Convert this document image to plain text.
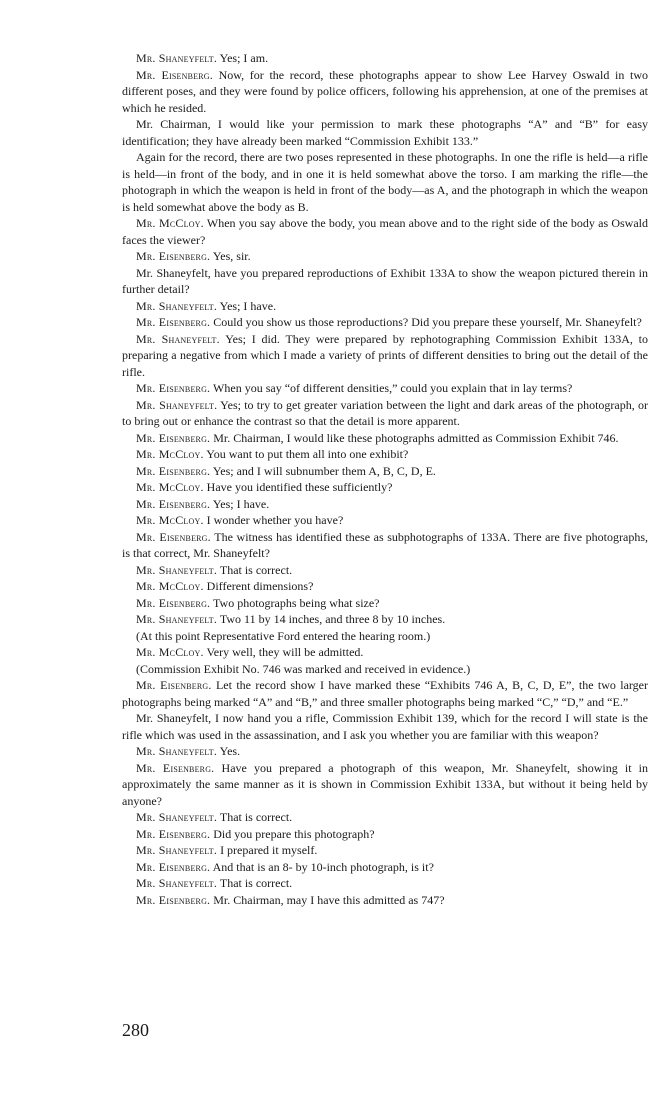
Mr. Shaneyfelt. Yes; I am.

Mr. Eisenberg. Now, for the record, these photographs appear to show Lee Harvey Oswald in two different poses, and they were found by police officers, following his apprehension, at one of the premises at which he resided.

Mr. Chairman, I would like your permission to mark these photographs “A” and “B” for easy identification; they have already been marked “Commission Exhibit 133.”

Again for the record, there are two poses represented in these photographs. In one the rifle is held—a rifle is held—in front of the body, and in one it is held somewhat above the torso. I am marking the rifle—the photograph in which the weapon is held in front of the body—as A, and the photograph in which the weapon is held somewhat above the body as B.

Mr. McCloy. When you say above the body, you mean above and to the right side of the body as Oswald faces the viewer?

Mr. Eisenberg. Yes, sir.

Mr. Shaneyfelt, have you prepared reproductions of Exhibit 133A to show the weapon pictured therein in further detail?

Mr. Shaneyfelt. Yes; I have.

Mr. Eisenberg. Could you show us those reproductions? Did you prepare these yourself, Mr. Shaneyfelt?

Mr. Shaneyfelt. Yes; I did. They were prepared by rephotographing Commission Exhibit 133A, to preparing a negative from which I made a variety of prints of different densities to bring out the detail of the rifle.

Mr. Eisenberg. When you say “of different densities,” could you explain that in lay terms?

Mr. Shaneyfelt. Yes; to try to get greater variation between the light and dark areas of the photograph, or to bring out or enhance the contrast so that the detail is more apparent.

Mr. Eisenberg. Mr. Chairman, I would like these photographs admitted as Commission Exhibit 746.

Mr. McCloy. You want to put them all into one exhibit?

Mr. Eisenberg. Yes; and I will subnumber them A, B, C, D, E.

Mr. McCloy. Have you identified these sufficiently?

Mr. Eisenberg. Yes; I have.

Mr. McCloy. I wonder whether you have?

Mr. Eisenberg. The witness has identified these as subphotographs of 133A. There are five photographs, is that correct, Mr. Shaneyfelt?

Mr. Shaneyfelt. That is correct.

Mr. McCloy. Different dimensions?

Mr. Eisenberg. Two photographs being what size?

Mr. Shaneyfelt. Two 11 by 14 inches, and three 8 by 10 inches.

(At this point Representative Ford entered the hearing room.)

Mr. McCloy. Very well, they will be admitted.

(Commission Exhibit No. 746 was marked and received in evidence.)

Mr. Eisenberg. Let the record show I have marked these “Exhibits 746 A, B, C, D, E”, the two larger photographs being marked “A” and “B,” and three smaller photographs being marked “C,” “D,” and “E.”

Mr. Shaneyfelt, I now hand you a rifle, Commission Exhibit 139, which for the record I will state is the rifle which was used in the assassination, and I ask you whether you are familiar with this weapon?

Mr. Shaneyfelt. Yes.

Mr. Eisenberg. Have you prepared a photograph of this weapon, Mr. Shaneyfelt, showing it in approximately the same manner as it is shown in Commission Exhibit 133A, but without it being held by anyone?

Mr. Shaneyfelt. That is correct.

Mr. Eisenberg. Did you prepare this photograph?

Mr. Shaneyfelt. I prepared it myself.

Mr. Eisenberg. And that is an 8- by 10-inch photograph, is it?

Mr. Shaneyfelt. That is correct.

Mr. Eisenberg. Mr. Chairman, may I have this admitted as 747?

280
